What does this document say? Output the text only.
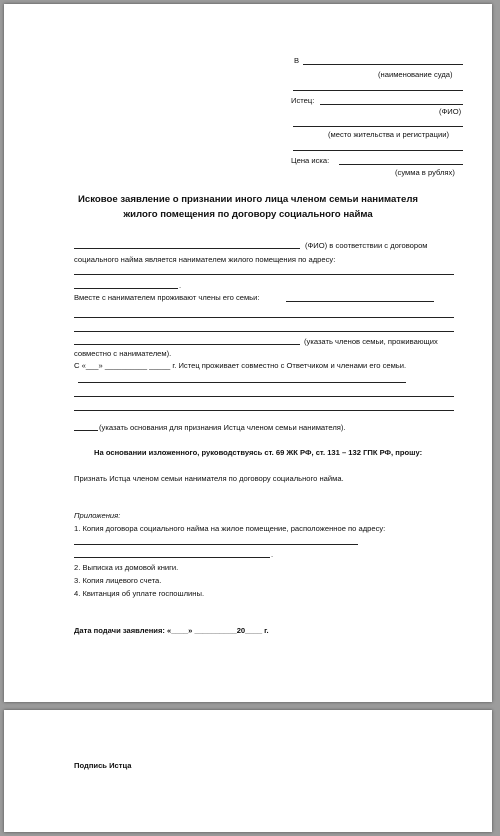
В
(наименование суда)
Истец:
(ФИО)
(место жительства и регистрации)
Цена иска:
(сумма в рублях)
Исковое заявление о признании иного лица членом семьи нанимателя
жилого помещения по договору социального найма
(ФИО) в соответствии с договором
социального найма является нанимателем жилого помещения по адресу:
.
Вместе с нанимателем проживают члены его семьи:
(указать членов семьи, проживающих
совместно с нанимателем).
С «___» __________ _____ г. Истец проживает совместно с Ответчиком и членами его семьи.
(указать основания для признания Истца членом семьи нанимателя).
На основании изложенного, руководствуясь ст. 69 ЖК РФ, ст. 131 – 132 ГПК РФ, прошу:
Признать Истца членом семьи нанимателя по договору социального найма.
Приложения:
1. Копия договора социального найма на жилое помещение, расположенное по адресу:
.
2. Выписка из домовой книги.
3. Копия лицевого счета.
4. Квитанция об уплате госпошлины.
Дата подачи заявления: «____» __________20____ г.
Подпись Истца
